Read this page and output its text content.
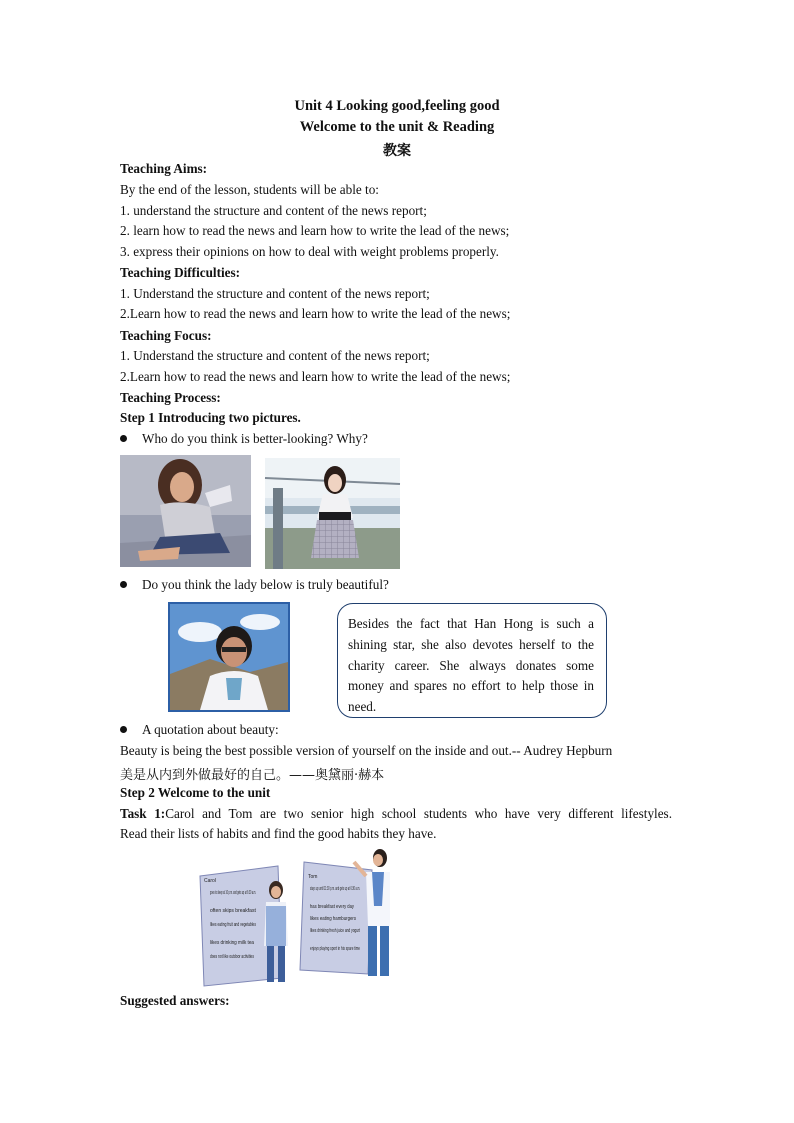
Unit 4 Looking good,feeling good
Welcome to the unit & Reading
教案
Teaching Aims:
By the end of the lesson, students will be able to:
1. understand the structure and content of the news report;
2. learn how to read the news and learn how to write the lead of the news;
3. express their opinions on how to deal with weight problems properly.
Teaching Difficulties:
1. Understand the structure and content of the news report;
2.Learn how to read the news and learn how to write the lead of the news;
Teaching Focus:
1. Understand the structure and content of the news report;
2.Learn how to read the news and learn how to write the lead of the news;
Teaching Process:
Step 1 Introducing two pictures.
Who do you think is better-looking? Why?
Do you think the lady below is truly beautiful?
Besides the fact that Han Hong is such a shining star, she also devotes herself to the charity career. She always donates some money and spares no effort to help those in need.
A quotation about beauty:
Beauty is being the best possible version of yourself on the inside and out.-- Audrey Hepburn
美是从内到外做最好的自己。——奥黛丽·赫本
Step 2 Welcome to the unit
Task 1:Carol and Tom are two senior high school students who have very different lifestyles.
Read their lists of habits and find the good habits they have.
Carol
goes to sleep at 10 p.m. and gets up at 6:30 a.m.
often skips breakfast
likes eating fruit and vegetables
likes drinking milk tea
does not like outdoor activities
Tom
stays up until 11:30 p.m. and gets up at 6:30 a.m.
has breakfast every day
likes eating hamburgers
likes drinking fresh juice and yogurt
enjoys playing sport in his spare time
Suggested answers:
